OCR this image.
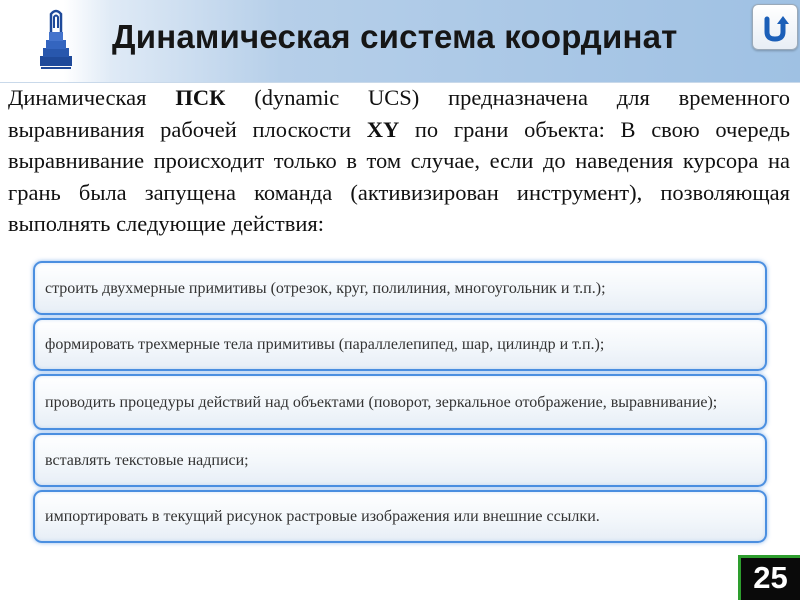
Динамическая система координат
Динамическая ПСК (dynamic UCS) предназначена для временного выравнивания рабочей плоскости XY по грани объекта: В свою очередь выравнивание происходит только в том случае, если до наведения курсора на грань была запущена команда (активизирован инструмент), позволяющая выполнять следующие действия:
строить двухмерные примитивы (отрезок, круг, полилиния, многоугольник и т.п.);
формировать трехмерные тела примитивы (параллелепипед, шар, цилиндр и т.п.);
проводить процедуры действий над объектами (поворот, зеркальное отображение, выравнивание);
вставлять текстовые надписи;
импортировать в текущий рисунок растровые изображения или внешние ссылки.
25
